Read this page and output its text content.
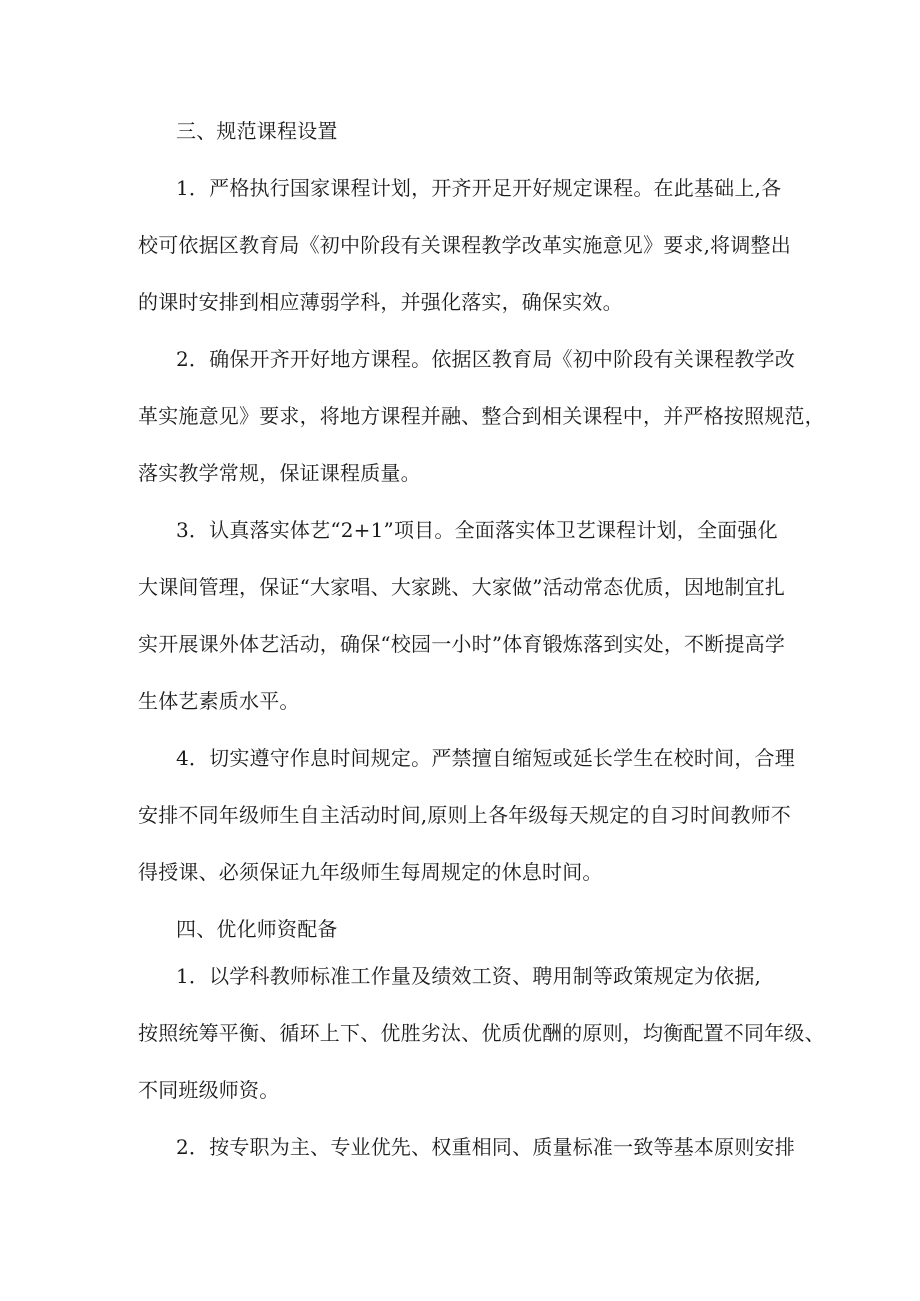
三、规范课程设置
1．严格执行国家课程计划，开齐开足开好规定课程。在此基础上,各
校可依据区教育局《初中阶段有关课程教学改革实施意见》要求,将调整出
的课时安排到相应薄弱学科，并强化落实，确保实效。
2．确保开齐开好地方课程。依据区教育局《初中阶段有关课程教学改
革实施意见》要求，将地方课程并融、整合到相关课程中，并严格按照规范，
落实教学常规，保证课程质量。
3．认真落实体艺“2+1”项目。全面落实体卫艺课程计划，全面强化
大课间管理，保证“大家唱、大家跳、大家做”活动常态优质，因地制宜扎
实开展课外体艺活动，确保“校园一小时”体育锻炼落到实处，不断提高学
生体艺素质水平。
4．切实遵守作息时间规定。严禁擅自缩短或延长学生在校时间，合理
安排不同年级师生自主活动时间,原则上各年级每天规定的自习时间教师不
得授课、必须保证九年级师生每周规定的休息时间。
四、优化师资配备
1．以学科教师标准工作量及绩效工资、聘用制等政策规定为依据,
按照统筹平衡、循环上下、优胜劣汰、优质优酬的原则，均衡配置不同年级、
不同班级师资。
2．按专职为主、专业优先、权重相同、质量标准一致等基本原则安排
